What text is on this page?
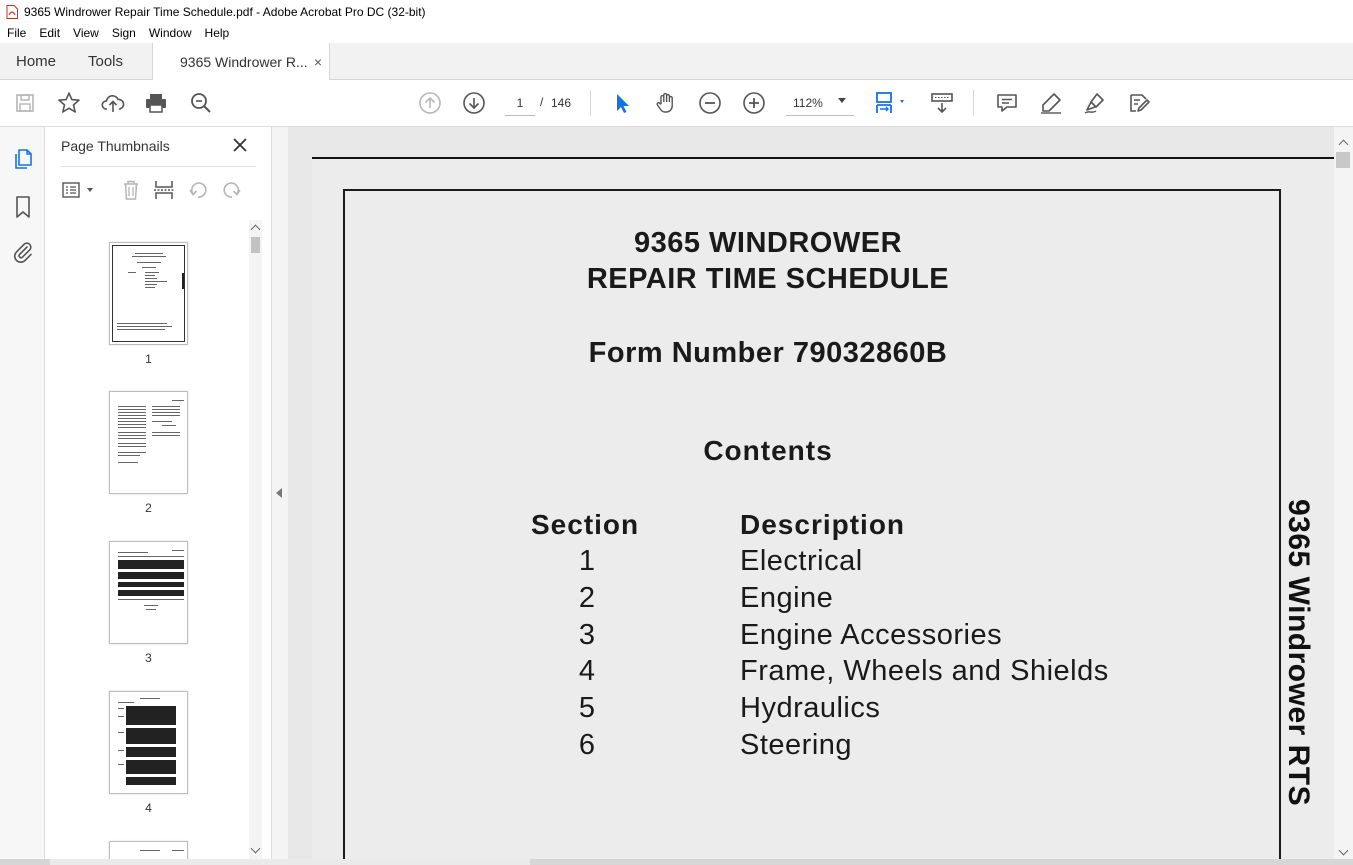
9365 Windrower Repair Time Schedule.pdf - Adobe Acrobat Pro DC (32-bit)
File	Edit	View	Sign	Window	Help
Home Tools	9365 Windrower R... ×
1
/ 146	112%
Page Thumbnails
1
2
3
4
9365 WINDROWER
REPAIR TIME SCHEDULE
Form Number 79032860B
Contents
Section	Description
1	Electrical
2	Engine
3	Engine Accessories
4	Frame, Wheels and Shields
5	Hydraulics
6	Steering	9365 Windrower RTS
